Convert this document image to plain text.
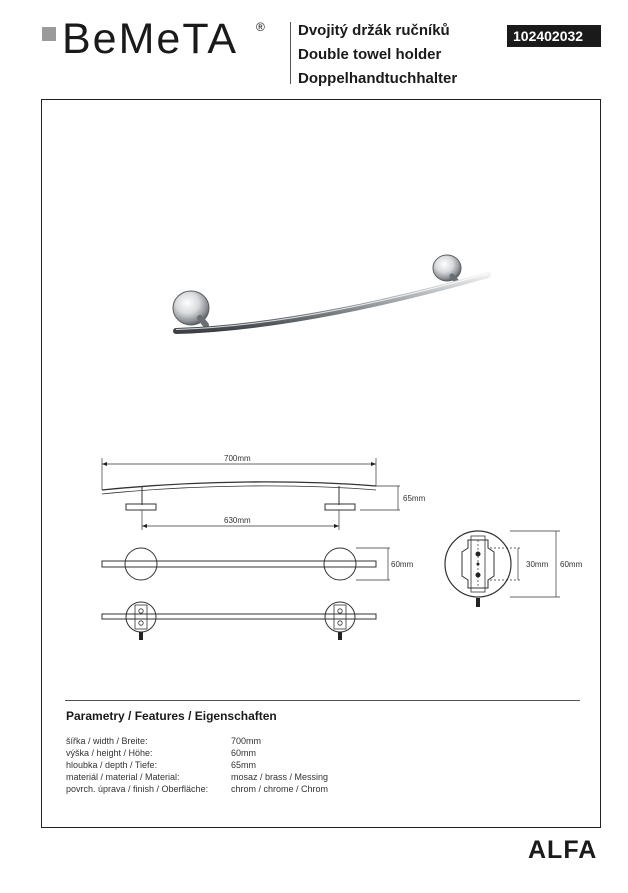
BeMeTA ® Dvojitý držák ručníků
Double towel holder
Doppelhandtuchhalter
102402032
700mm
630mm
65mm
60mm	30mm 60mm
Parametry / Features / Eigenschaften
šířka / width / Breite:	700mm
výška / height / Höhe:	60mm
hloubka / depth / Tiefe:	65mm
materiál / material / Material:	mosaz / brass / Messing
povrch. úprava / finish / Oberfläche:	chrom / chrome / Chrom
ALFA
